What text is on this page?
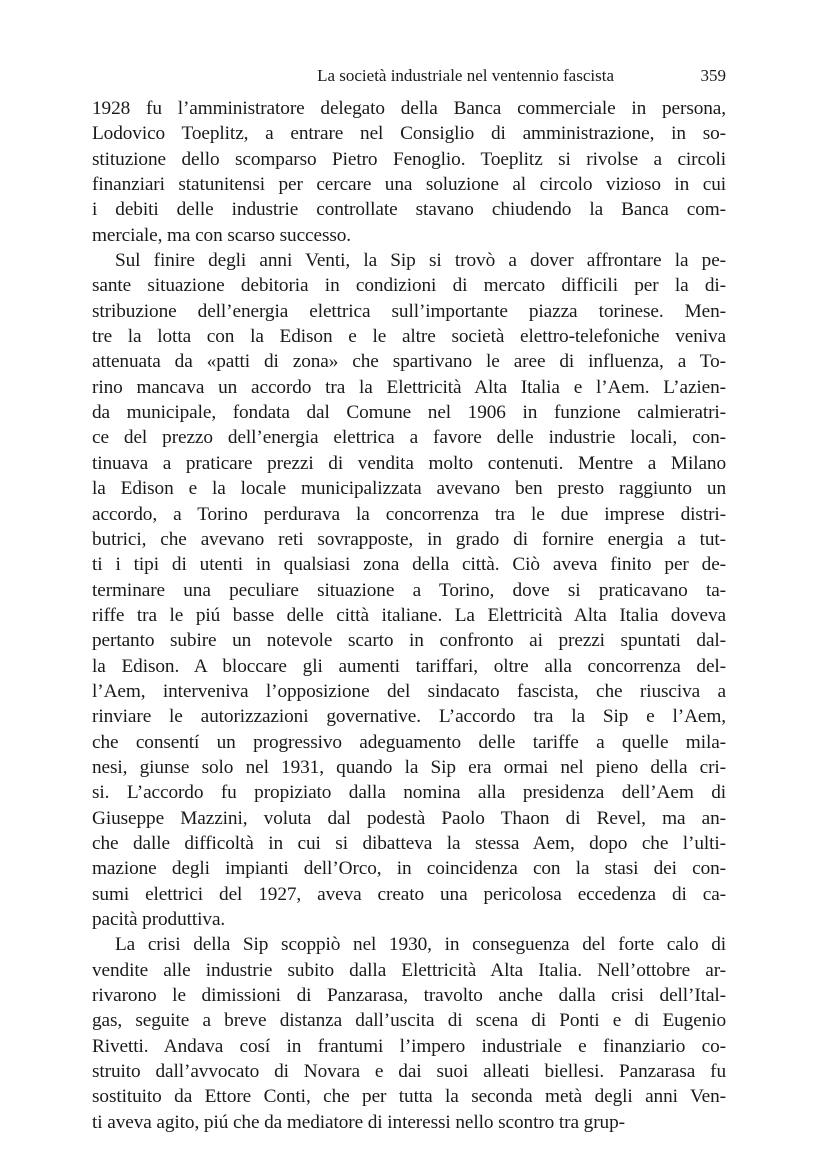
La società industriale nel ventennio fascista	359
1928 fu l’amministratore delegato della Banca commerciale in persona,
Lodovico Toeplitz, a entrare nel Consiglio di amministrazione, in so-
stituzione dello scomparso Pietro Fenoglio. Toeplitz si rivolse a circoli
finanziari statunitensi per cercare una soluzione al circolo vizioso in cui
i debiti delle industrie controllate stavano chiudendo la Banca com-
merciale, ma con scarso successo.
Sul finire degli anni Venti, la Sip si trovò a dover affrontare la pe-
sante situazione debitoria in condizioni di mercato difficili per la di-
stribuzione dell’energia elettrica sull’importante piazza torinese. Men-
tre la lotta con la Edison e le altre società elettro-telefoniche veniva
attenuata da «patti di zona» che spartivano le aree di influenza, a To-
rino mancava un accordo tra la Elettricità Alta Italia e l’Aem. L’azien-
da municipale, fondata dal Comune nel 1906 in funzione calmieratri-
ce del prezzo dell’energia elettrica a favore delle industrie locali, con-
tinuava a praticare prezzi di vendita molto contenuti. Mentre a Milano
la Edison e la locale municipalizzata avevano ben presto raggiunto un
accordo, a Torino perdurava la concorrenza tra le due imprese distri-
butrici, che avevano reti sovrapposte, in grado di fornire energia a tut-
ti i tipi di utenti in qualsiasi zona della città. Ciò aveva finito per de-
terminare una peculiare situazione a Torino, dove si praticavano ta-
riffe tra le piú basse delle città italiane. La Elettricità Alta Italia doveva
pertanto subire un notevole scarto in confronto ai prezzi spuntati dal-
la Edison. A bloccare gli aumenti tariffari, oltre alla concorrenza del-
l’Aem, interveniva l’opposizione del sindacato fascista, che riusciva a
rinviare le autorizzazioni governative. L’accordo tra la Sip e l’Aem,
che consentí un progressivo adeguamento delle tariffe a quelle mila-
nesi, giunse solo nel 1931, quando la Sip era ormai nel pieno della cri-
si. L’accordo fu propiziato dalla nomina alla presidenza dell’Aem di
Giuseppe Mazzini, voluta dal podestà Paolo Thaon di Revel, ma an-
che dalle difficoltà in cui si dibatteva la stessa Aem, dopo che l’ulti-
mazione degli impianti dell’Orco, in coincidenza con la stasi dei con-
sumi elettrici del 1927, aveva creato una pericolosa eccedenza di ca-
pacità produttiva.
La crisi della Sip scoppiò nel 1930, in conseguenza del forte calo di
vendite alle industrie subito dalla Elettricità Alta Italia. Nell’ottobre ar-
rivarono le dimissioni di Panzarasa, travolto anche dalla crisi dell’Ital-
gas, seguite a breve distanza dall’uscita di scena di Ponti e di Eugenio
Rivetti. Andava cosí in frantumi l’impero industriale e finanziario co-
struito dall’avvocato di Novara e dai suoi alleati biellesi. Panzarasa fu
sostituito da Ettore Conti, che per tutta la seconda metà degli anni Ven-
ti aveva agito, piú che da mediatore di interessi nello scontro tra grup-
